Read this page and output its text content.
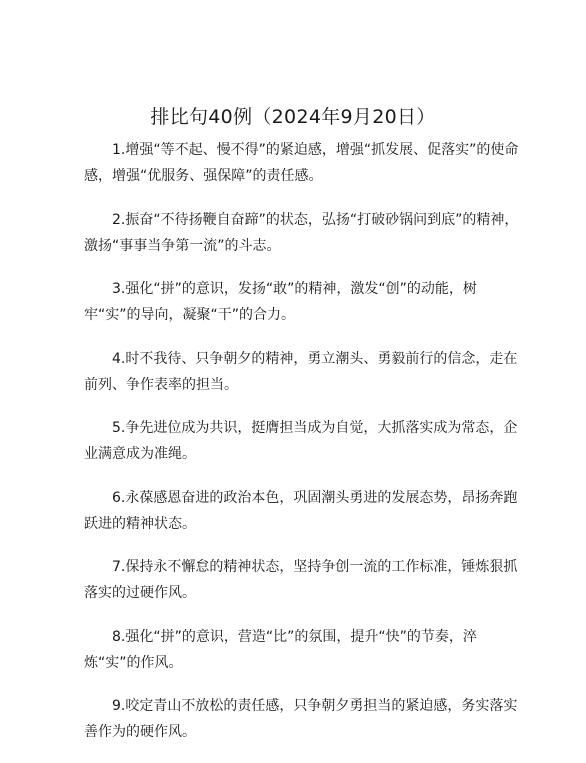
排比句40例（2024年9月20日）

1.增强“等不起、慢不得”的紧迫感，增强“抓发展、促落实”的使命感，增强“优服务、强保障”的责任感。

2.振奋“不待扬鞭自奋蹄”的状态，弘扬“打破砂锅问到底”的精神，激扬“事事当争第一流”的斗志。

3.强化“拼”的意识，发扬“敢”的精神，激发“创”的动能，树牢“实”的导向，凝聚“干”的合力。

4.时不我待、只争朝夕的精神，勇立潮头、勇毅前行的信念，走在前列、争作表率的担当。

5.争先进位成为共识，挺膺担当成为自觉，大抓落实成为常态，企业满意成为准绳。

6.永葆感恩奋进的政治本色，巩固潮头勇进的发展态势，昂扬奔跑跃进的精神状态。

7.保持永不懈怠的精神状态，坚持争创一流的工作标准，锤炼狠抓落实的过硬作风。

8.强化“拼”的意识，营造“比”的氛围，提升“快”的节奏，淬炼“实”的作风。

9.咬定青山不放松的责任感，只争朝夕勇担当的紧迫感，务实落实善作为的硬作风。
